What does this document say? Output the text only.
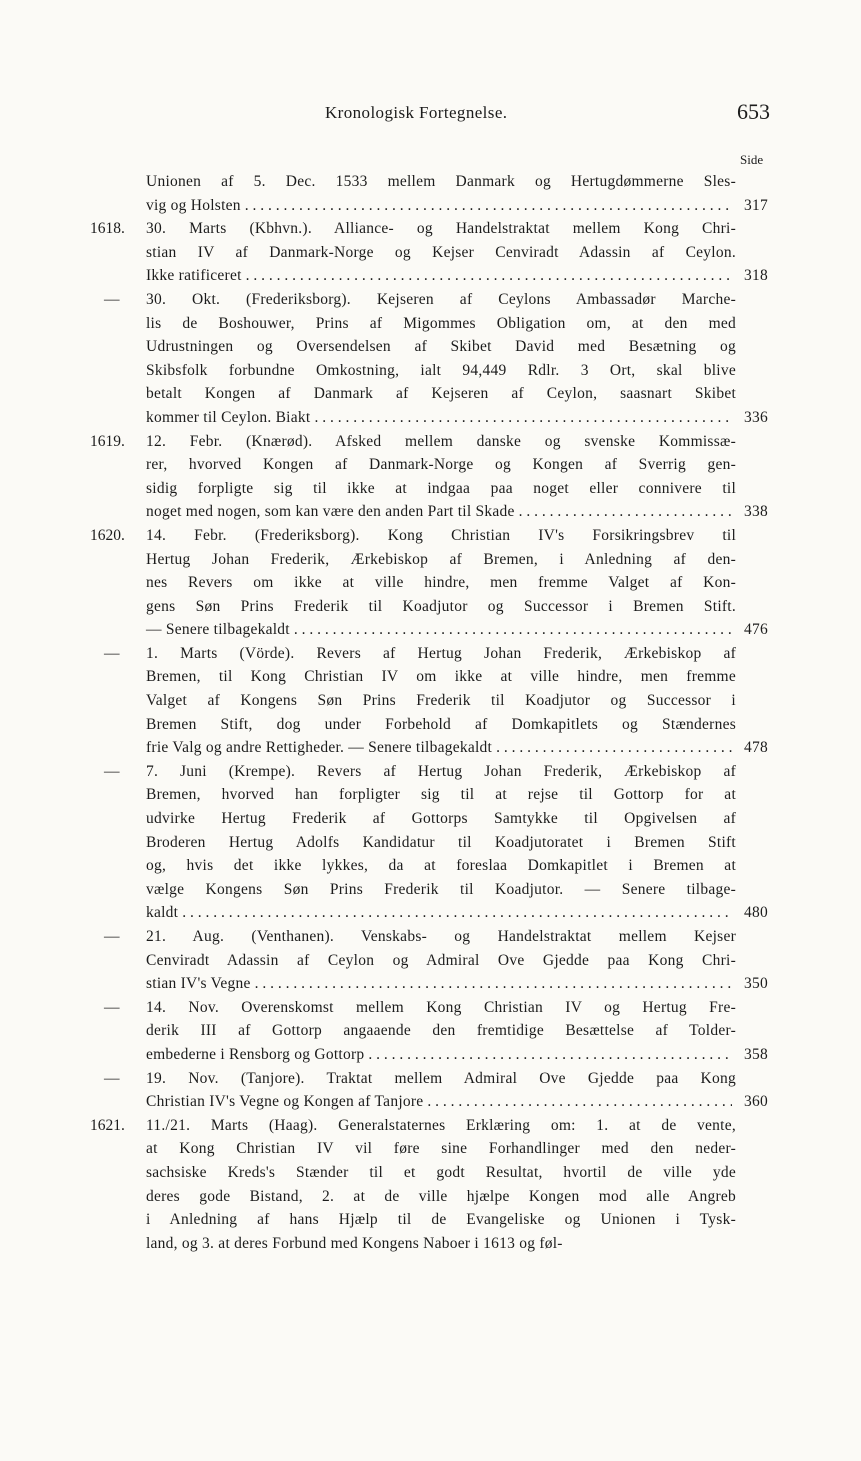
Kronologisk Fortegnelse.	653
Side
Unionen af 5. Dec. 1533 mellem Danmark og Hertugdømmerne Sles-
vig og Holsten . . .	317
1618. 30. Marts (Kbhvn.). Alliance- og Handelstraktat mellem Kong Chri-
stian IV af Danmark-Norge og Kejser Cenviradt Adassin af Ceylon.
Ikke ratificeret . . .	318
— 30. Okt. (Frederiksborg). Kejseren af Ceylons Ambassadør Marche-
lis de Boshouwer, Prins af Migommes Obligation om, at den med
Udrustningen og Oversendelsen af Skibet David med Besætning og
Skibsfolk forbundne Omkostning, ialt 94,449 Rdlr. 3 Ort, skal blive
betalt Kongen af Danmark af Kejseren af Ceylon, saasnart Skibet
kommer til Ceylon. Biakt . . .	336
1619. 12. Febr. (Knærød). Afsked mellem danske og svenske Kommissæ-
rer, hvorved Kongen af Danmark-Norge og Kongen af Sverrig gen-
sidig forpligte sig til ikke at indgaa paa noget eller connivere til
noget med nogen, som kan være den anden Part til Skade . . .	338
1620. 14. Febr. (Frederiksborg). Kong Christian IV's Forsikringsbrev til
Hertug Johan Frederik, Ærkebiskop af Bremen, i Anledning af den-
nes Revers om ikke at ville hindre, men fremme Valget af Kon-
gens Søn Prins Frederik til Koadjutor og Successor i Bremen Stift.
— Senere tilbagekaldt . . .	476
— 1. Marts (Vörde). Revers af Hertug Johan Frederik, Ærkebiskop af
Bremen, til Kong Christian IV om ikke at ville hindre, men fremme
Valget af Kongens Søn Prins Frederik til Koadjutor og Successor i
Bremen Stift, dog under Forbehold af Domkapitlets og Stændernes
frie Valg og andre Rettigheder. — Senere tilbagekaldt . . .	478
— 7. Juni (Krempe). Revers af Hertug Johan Frederik, Ærkebiskop af
Bremen, hvorved han forpligter sig til at rejse til Gottorp for at
udvirke Hertug Frederik af Gottorps Samtykke til Opgivelsen af
Broderen Hertug Adolfs Kandidatur til Koadjutoratet i Bremen Stift
og, hvis det ikke lykkes, da at foreslaa Domkapitlet i Bremen at
vælge Kongens Søn Prins Frederik til Koadjutor. — Senere tilbage-
kaldt . . .	480
— 21. Aug. (Venthanen). Venskabs- og Handelstraktat mellem Kejser
Cenviradt Adassin af Ceylon og Admiral Ove Gjedde paa Kong Chri-
stian IV's Vegne . . .	350
— 14. Nov. Overenskomst mellem Kong Christian IV og Hertug Fre-
derik III af Gottorp angaaende den fremtidige Besættelse af Tolder-
embederne i Rensborg og Gottorp . . .	358
— 19. Nov. (Tanjore). Traktat mellem Admiral Ove Gjedde paa Kong
Christian IV's Vegne og Kongen af Tanjore . . .	360
1621. 11./21. Marts (Haag). Generalstaternes Erklæring om: 1. at de vente,
at Kong Christian IV vil føre sine Forhandlinger med den neder-
sachsiske Kreds's Stænder til et godt Resultat, hvortil de ville yde
deres gode Bistand, 2. at de ville hjælpe Kongen mod alle Angreb
i Anledning af hans Hjælp til de Evangeliske og Unionen i Tysk-
land, og 3. at deres Forbund med Kongens Naboer i 1613 og føl-
